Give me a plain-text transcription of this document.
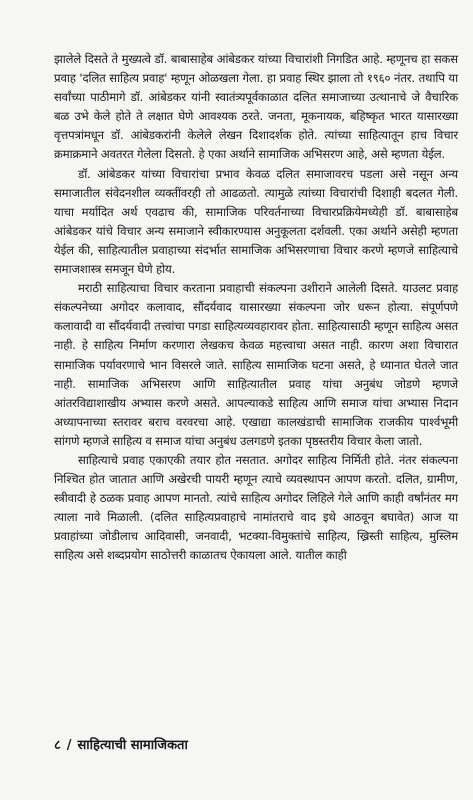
झालेले दिसते ते मुख्यत्वे डॉ. बाबासाहेब आंबेडकर यांच्या विचारांशी निगडित आहे. म्हणूनच हा सकस प्रवाह 'दलित साहित्य प्रवाह' म्हणून ओळखला गेला. हा प्रवाह स्थिर झाला तो १९६० नंतर. तथापि या सर्वांच्या पाठीमागे डॉ. आंबेडकर यांनी स्वातंत्र्यपूर्वकाळात दलित समाजाच्या उत्थानाचे जे वैचारिक बळ उभे केले होते ते लक्षात घेणे आवश्यक ठरते. जनता, मूकनायक, बहिष्कृत भारत यासारख्या वृत्तपत्रांमधून डॉ. आंबेडकरांनी केलेले लेखन दिशादर्शक होते. त्यांच्या साहित्यातून हाच विचार क्रमाक्रमाने अवतरत गेलेला दिसतो. हे एका अर्थाने सामाजिक अभिसरण आहे, असे म्हणता येईल.

डॉ. आंबेडकर यांच्या विचारांचा प्रभाव केवळ दलित समाजावरच पडला असे नसून अन्य समाजातील संवेदनशील व्यक्तींवरही तो आढळतो. त्यामुळे त्यांच्या विचारांची दिशाही बदलत गेली. याचा मर्यादित अर्थ एवढाच की, सामाजिक परिवर्तनाच्या विचारप्रक्रियेमध्येही डॉ. बाबासाहेब आंबेडकर यांचे विचार अन्य समाजाने स्वीकारण्यास अनुकूलता दर्शवली. एका अर्थाने असेही म्हणता येईल की, साहित्यातील प्रवाहाच्या संदर्भात सामाजिक अभिसरणाचा विचार करणे म्हणजे साहित्याचे समाजशास्त्र समजून घेणे होय.

मराठी साहित्याचा विचार करताना प्रवाहाची संकल्पना उशीराने आलेली दिसते. याउलट प्रवाह संकल्पनेच्या अगोदर कलावाद, सौंदर्यवाद यासारख्या संकल्पना जोर धरून होत्या. संपूर्णपणे कलावादी वा सौंदर्यवादी तत्त्वांचा पगडा साहित्यव्यवहारावर होता. साहित्यासाठी म्हणून साहित्य असत नाही. हे साहित्य निर्माण करणारा लेखकच केवळ महत्त्वाचा असत नाही. कारण अशा विचारात सामाजिक पर्यावरणाचे भान विसरले जाते. साहित्य सामाजिक घटना असते, हे ध्यानात घेतले जात नाही. सामाजिक अभिसरण आणि साहित्यातील प्रवाह यांचा अनुबंध जोडणे म्हणजे आंतरविद्याशाखीय अभ्यास करणे असते. आपल्याकडे साहित्य आणि समाज यांचा अभ्यास निदान अध्यापनाच्या स्तरावर बराच वरवरचा आहे. एखाद्या कालखंडाची सामाजिक राजकीय पार्श्वभूमी सांगणे म्हणजे साहित्य व समाज यांचा अनुबंध उलगडणे इतका पृष्ठस्तरीय विचार केला जातो.

साहित्याचे प्रवाह एकाएकी तयार होत नसतात. अगोदर साहित्य निर्मिती होते. नंतर संकल्पना निश्चित होत जातात आणि अखेरची पायरी म्हणून त्याचे व्यवस्थापन आपण करतो. दलित, ग्रामीण, स्त्रीवादी हे ठळक प्रवाह आपण मानतो. त्यांचे साहित्य अगोदर लिहिले गेले आणि काही वर्षांनंतर मग त्याला नावे मिळाली. (दलित साहित्यप्रवाहाचे नामांतराचे वाद इथे आठवून बघावेत) आज या प्रवाहांच्या जोडीलाच आदिवासी, जनवादी, भटक्या-विमुक्तांचे साहित्य, ख्रिस्ती साहित्य, मुस्लिम साहित्य असे शब्दप्रयोग साठोत्तरी काळातच ऐकायला आले. यातील काही

८ / साहित्याची सामाजिकता
